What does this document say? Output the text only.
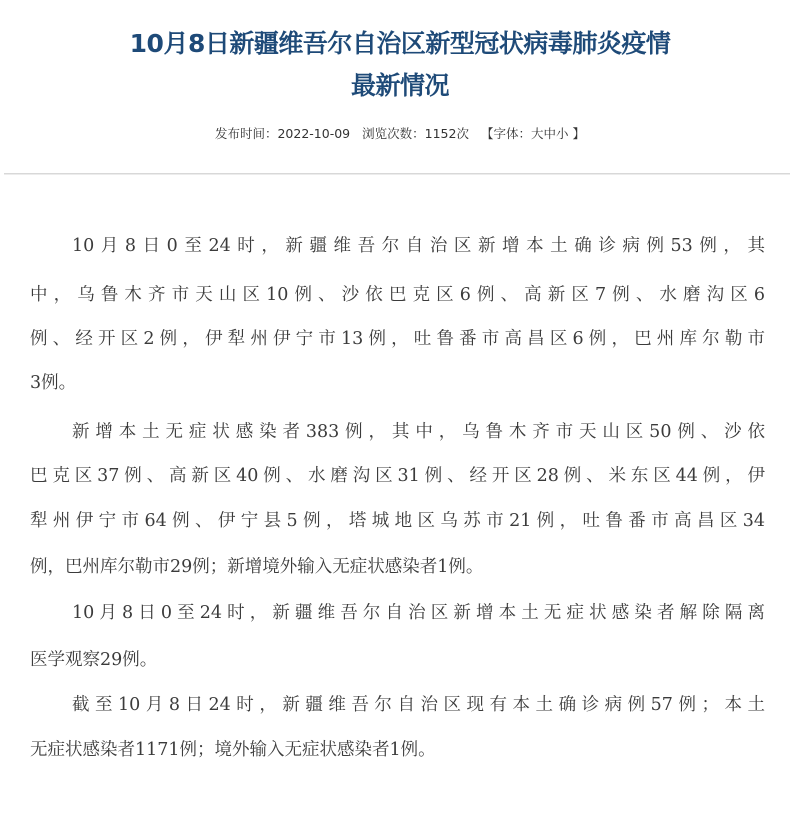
10月8日新疆维吾尔自治区新型冠状病毒肺炎疫情
最新情况
发布时间：2022-10-09 浏览次数：1152次 【字体：大中小 】
10月8日0至24时，新疆维吾尔自治区新增本土确诊病例53例，其
中，乌鲁木齐市天山区10例、沙依巴克区6例、高新区7例、水磨沟区6
例、经开区2例，伊犁州伊宁市13例，吐鲁番市高昌区6例，巴州库尔勒市
3例。
新增本土无症状感染者383例，其中，乌鲁木齐市天山区50例、沙依
巴克区37例、高新区40例、水磨沟区31例、经开区28例、米东区44例，伊
犁州伊宁市64例、伊宁县5例，塔城地区乌苏市21例，吐鲁番市高昌区34
例，巴州库尔勒市29例；新增境外输入无症状感染者1例。
10月8日0至24时，新疆维吾尔自治区新增本土无症状感染者解除隔离
医学观察29例。
截至10月8日24时，新疆维吾尔自治区现有本土确诊病例57例；本土
无症状感染者1171例；境外输入无症状感染者1例。
